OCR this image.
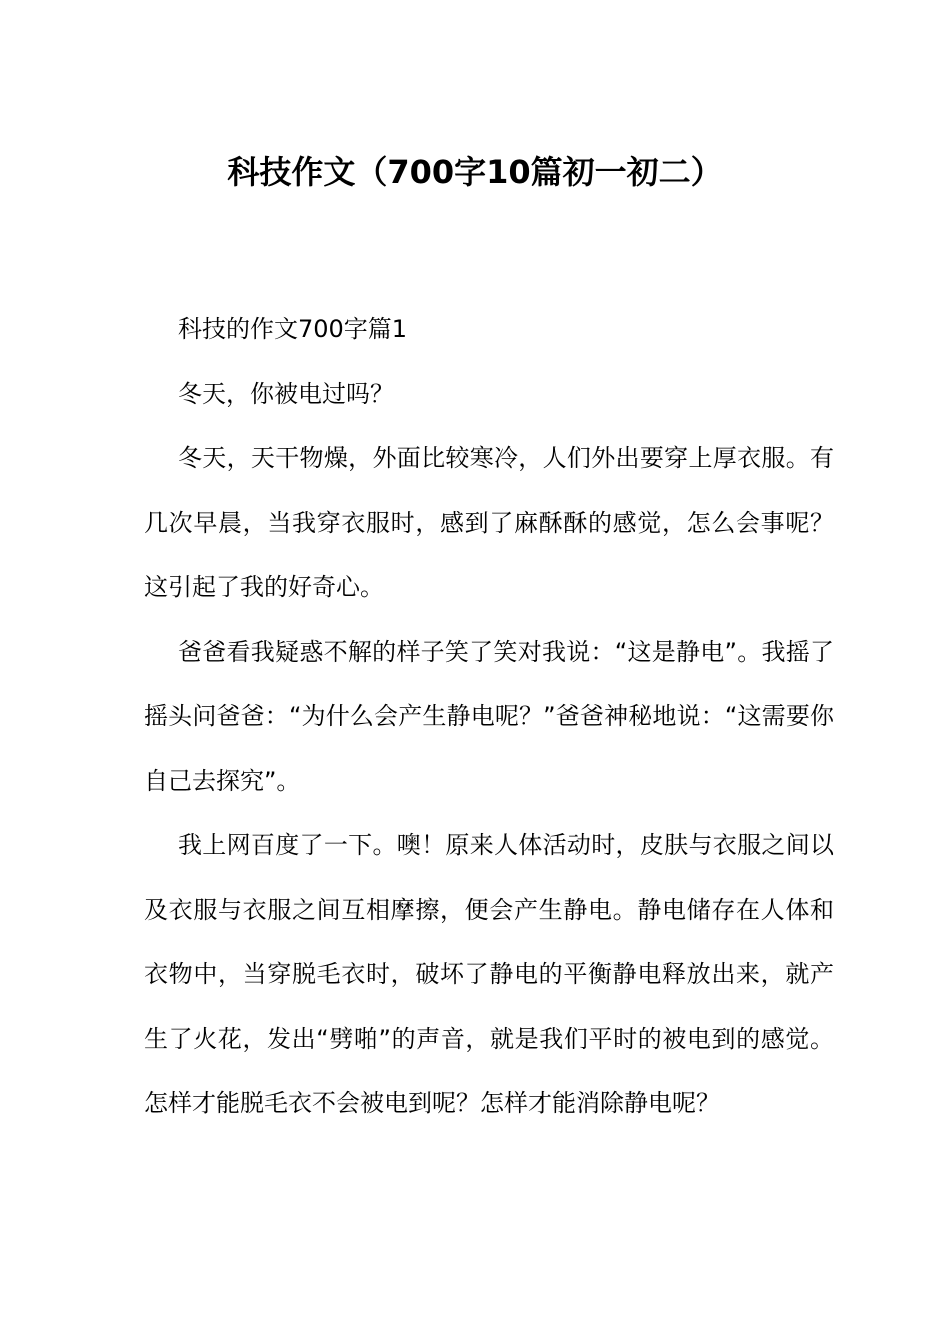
科技作文（700字10篇初一初二）

科技的作文700字篇1

冬天，你被电过吗？

冬天，天干物燥，外面比较寒冷，人们外出要穿上厚衣服。有几次早晨，当我穿衣服时，感到了麻酥酥的感觉，怎么会事呢？这引起了我的好奇心。

爸爸看我疑惑不解的样子笑了笑对我说：“这是静电”。我摇了摇头问爸爸：“为什么会产生静电呢？”爸爸神秘地说：“这需要你自己去探究”。

我上网百度了一下。噢！原来人体活动时，皮肤与衣服之间以及衣服与衣服之间互相摩擦，便会产生静电。静电储存在人体和衣物中，当穿脱毛衣时，破坏了静电的平衡静电释放出来，就产生了火花，发出“劈啪”的声音，就是我们平时的被电到的感觉。怎样才能脱毛衣不会被电到呢？怎样才能消除静电呢？
